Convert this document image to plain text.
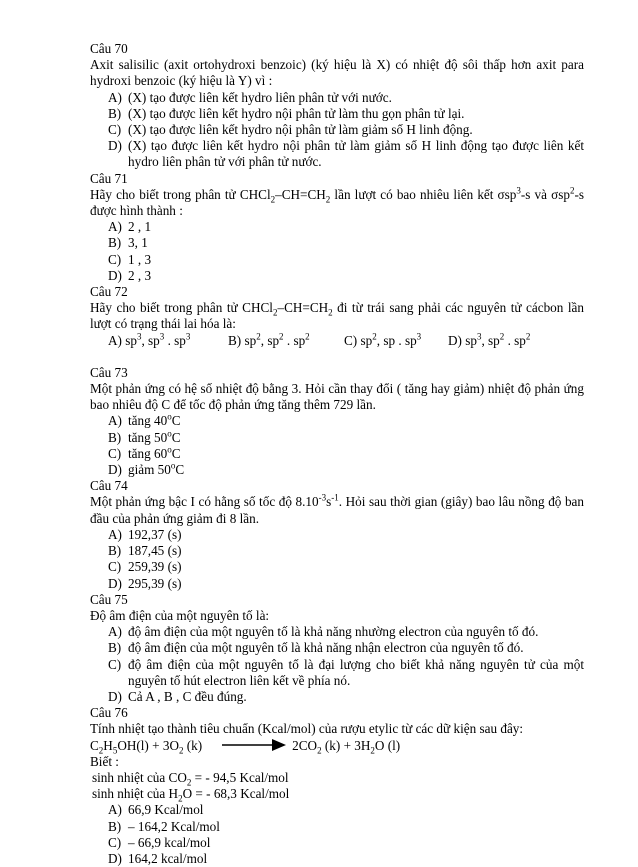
Câu 70

Axit salisilic (axit ortohydroxi benzoic) (ký hiệu là X) có nhiệt độ sôi thấp hơn axit para hydroxi benzoic (ký hiệu là Y) vì :

A) (X) tạo được liên kết hydro liên phân tử với nước.
B) (X) tạo được liên kết hydro nội phân tử làm thu gọn phân tử lại.
C) (X) tạo được liên kết hydro nội phân tử làm giảm số H linh động.
D) (X) tạo được liên kết hydro nội phân tử làm giảm số H linh động tạo được liên kết hydro liên phân tử với phân tử nước.

Câu 71

Hãy cho biết trong phân tử $CHCl_2-CH=CH_2$ lần lượt có bao nhiêu liên kết σsp$^3$-s và σsp$^2$-s được hình thành :

A) 2 , 1
B) 3, 1
C) 1 , 3
D) 2 , 3

Câu 72

Hãy cho biết trong phân tử $CHCl_2-CH=CH_2$ đi từ trái sang phải các nguyên tử cácbon lần lượt có trạng thái lai hóa là:

A) $sp^3$, $sp^3$ . $sp^3$	B) $sp^2$, $sp^2$ . $sp^2$	C) $sp^2$, sp . $sp^3$	D) $sp^3$, $sp^2$ . $sp^2$

Câu 73

Một phản ứng có hệ số nhiệt độ bằng 3. Hỏi cần thay đổi ( tăng hay giảm) nhiệt độ phản ứng bao nhiêu độ C để tốc độ phản ứng tăng thêm 729 lần.

A) tăng 40$^o$C
B) tăng 50$^o$C
C) tăng 60$^o$C
D) giảm 50$^o$C

Câu 74

Một phản ứng bậc I có hằng số tốc độ $8.10^{-3}s^{-1}$. Hỏi sau thời gian (giây) bao lâu nồng độ ban đầu của phản ứng giảm đi 8 lần.

A) 192,37 (s)
B) 187,45 (s)
C) 259,39 (s)
D) 295,39 (s)

Câu 75

Độ âm điện của một nguyên tố là:

A) độ âm điện của một nguyên tố là khả năng nhường electron của nguyên tố đó.
B) độ âm điện của một nguyên tố là khả năng nhận electron của nguyên tố đó.
C) độ âm điện của một nguyên tố là đại lượng cho biết khả năng nguyên tử của một nguyên tố hút electron liên kết về phía nó.
D) Cả A , B , C đều đúng.

Câu 76

Tính nhiệt tạo thành tiêu chuẩn (Kcal/mol) của rượu etylic từ các dữ kiện sau đây:

$C_2H_5OH(l) + 3O_2$ (k)	$2CO_2$ $(k) + 3H_2O$ (l)

Biết :

sinh nhiệt của $CO_2$ = - 94,5 Kcal/mol

sinh nhiệt của $H_2O$ = - 68,3 Kcal/mol

A) 66,9 Kcal/mol
B) – 164,2 Kcal/mol
C) – 66,9 kcal/mol
D) 164,2 kcal/mol
